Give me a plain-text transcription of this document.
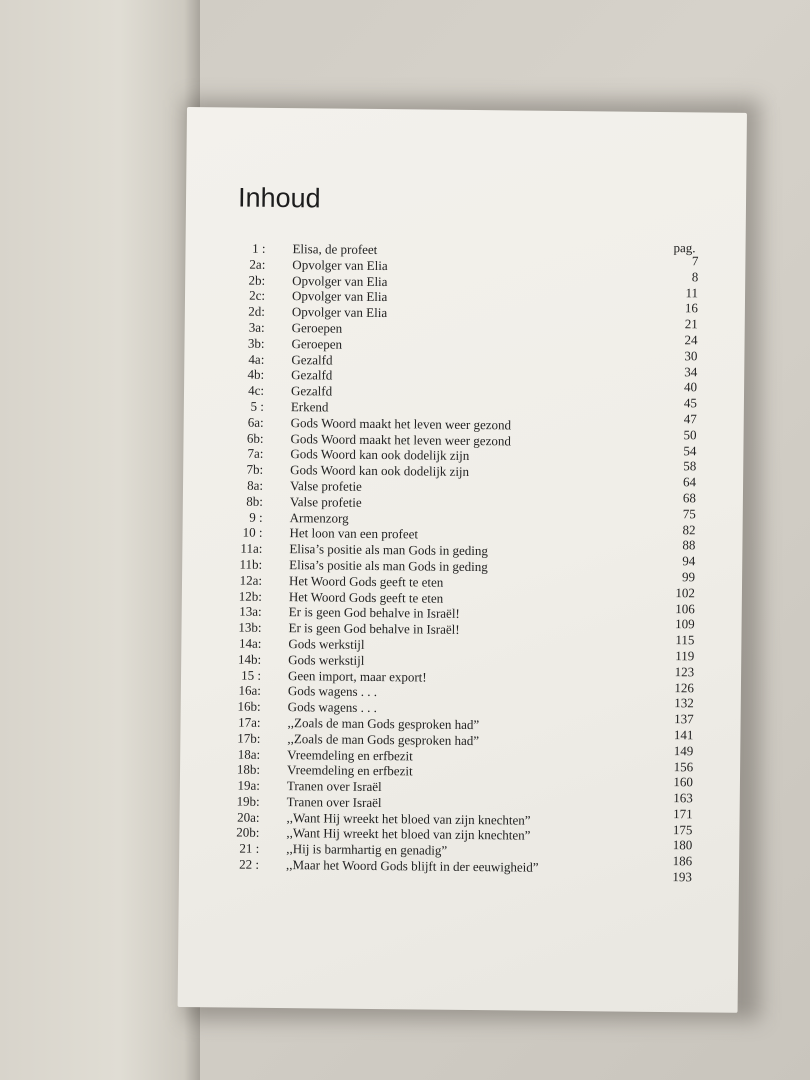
Inhoud
pag.
1 : Elisa, de profeet
7
2a: Opvolger van Elia
8
2b: Opvolger van Elia
11
2c: Opvolger van Elia
16
2d: Opvolger van Elia
21
3a: Geroepen
24
3b: Geroepen
30
4a: Gezalfd
34
4b: Gezalfd
40
4c: Gezalfd
45
5 : Erkend
47
6a: Gods Woord maakt het leven weer gezond
50
6b: Gods Woord maakt het leven weer gezond
54
7a: Gods Woord kan ook dodelijk zijn
58
7b: Gods Woord kan ook dodelijk zijn
64
8a: Valse profetie
68
8b: Valse profetie
75
9 : Armenzorg
82
10 : Het loon van een profeet
88
11a: Elisa’s positie als man Gods in geding
94
11b: Elisa’s positie als man Gods in geding
99
12a: Het Woord Gods geeft te eten
102
12b: Het Woord Gods geeft te eten
106
13a: Er is geen God behalve in Israël!
109
13b: Er is geen God behalve in Israël!
115
14a: Gods werkstijl
119
14b: Gods werkstijl
123
15 : Geen import, maar export!
126
16a: Gods wagens . . .
132
16b: Gods wagens . . .
137
17a: ,,Zoals de man Gods gesproken had”
141
17b: ,,Zoals de man Gods gesproken had”
149
18a: Vreemdeling en erfbezit
156
18b: Vreemdeling en erfbezit
160
19a: Tranen over Israël
163
19b: Tranen over Israël
171
20a: ,,Want Hij wreekt het bloed van zijn knechten”
175
20b: ,,Want Hij wreekt het bloed van zijn knechten”
180
21 : ,,Hij is barmhartig en genadig”
186
22 : ,,Maar het Woord Gods blijft in der eeuwigheid”
193
